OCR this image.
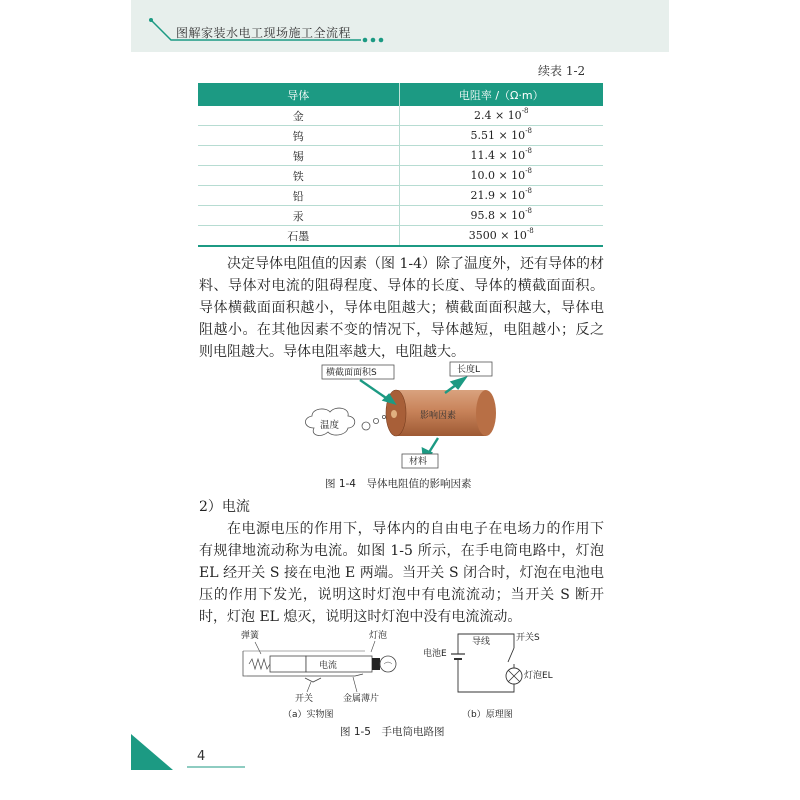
图解家装水电工现场施工全流程
续表 1-2
导体	电阻率 /（Ω·m）
金	$2.4 \times 10^{-8}$
钨	$5.51 \times 10^{-8}$
锡	$11.4 \times 10^{-8}$
铁	$10.0 \times 10^{-8}$
铅	$21.9 \times 10^{-8}$
汞	$95.8 \times 10^{-8}$
石墨	$3500 \times 10^{-8}$
决定导体电阻值的因素（图 1-4）除了温度外，还有导体的材料、导体对电流的阻碍程度、导体的长度、导体的横截面面积。导体横截面面积越小，导体电阻越大；横截面面积越大，导体电阻越小。在其他因素不变的情况下，导体越短，电阻越小；反之则电阻越大。导体电阻率越大，电阻越大。
影响因素
横截面面积S	长度L
材料
温度
图 1-4　导体电阻值的影响因素
2）电流
在电源电压的作用下，导体内的自由电子在电场力的作用下有规律地流动称为电流。如图 1-5 所示，在手电筒电路中，灯泡 EL 经开关 S 接在电池 E 两端。当开关 S 闭合时，灯泡在电池电压的作用下发光，说明这时灯泡中有电流流动；当开关 S 断开时，灯泡 EL 熄灭，说明这时灯泡中没有电流流动。
弹簧	灯泡
电流
开关	金属薄片
（a）实物图
电池E
导线	开关S
灯泡EL
（b）原理图
图 1-5　手电筒电路图
4
